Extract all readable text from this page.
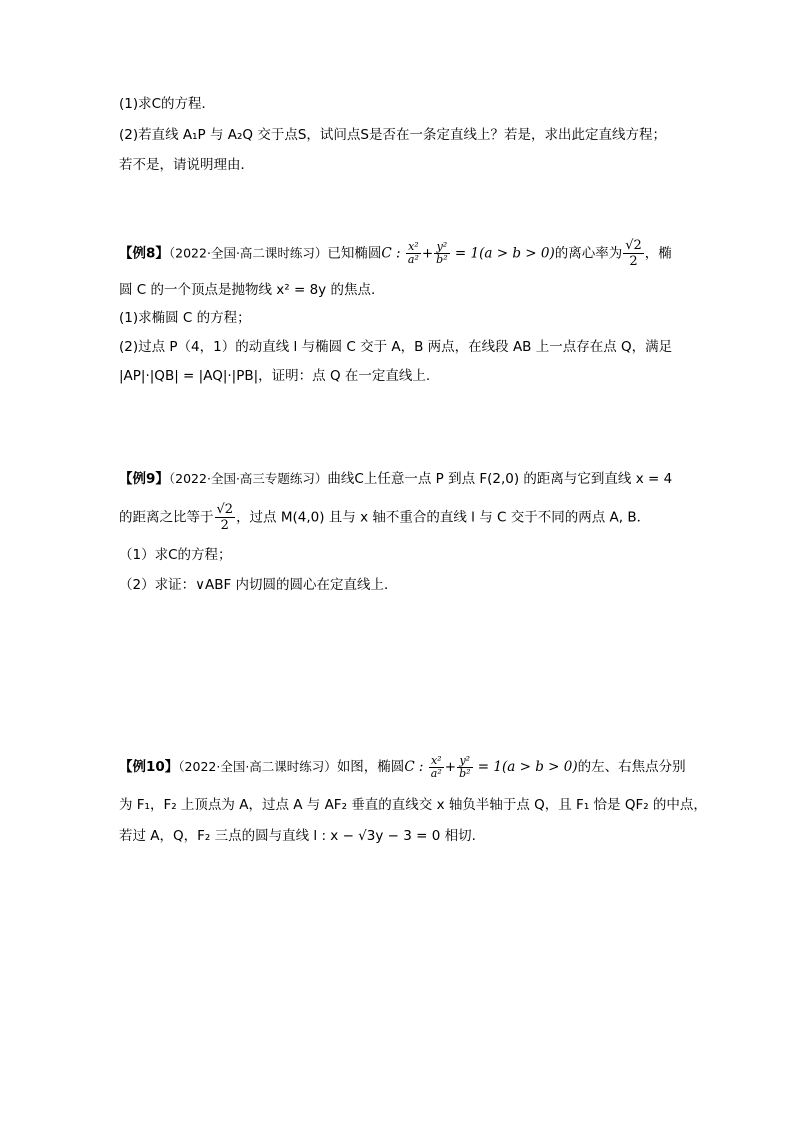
(1)求C的方程．
(2)若直线 A₁P 与 A₂Q 交于点S，试问点S是否在一条定直线上？若是，求出此定直线方程；
若不是，请说明理由．
【例8】（2022·全国·高二课时练习）已知椭圆C : $\frac{\text{x²}}{\text{a²}} + \frac{\text{y²}}{\text{b²}} = 1(a > b > 0)$的离心率为 $\frac{√2}{2}$ ，椭
圆 C 的一个顶点是抛物线 x² = 8y 的焦点.
(1)求椭圆 C 的方程；
(2)过点 P（4，1）的动直线 l 与椭圆 C 交于 A，B 两点，在线段 AB 上一点存在点 Q，满足
|AP|·|QB| = |AQ|·|PB|，证明：点 Q 在一定直线上.
【例9】（2022·全国·高三专题练习）曲线C上任意一点 P 到点 F(2,0) 的距离与它到直线 x = 4
的距离之比等于 $\frac{√2}{2}$ ，过点 M(4,0) 且与 x 轴不重合的直线 l 与 C 交于不同的两点 A, B．
（1）求C的方程；
（2）求证：∨ABF 内切圆的圆心在定直线上．
【例10】（2022·全国·高二课时练习）如图，椭圆C : $\frac{\text{x²}}{\text{a²}} + \frac{\text{y²}}{\text{b²}} = 1(a > b > 0)$的左、右焦点分别
为 F₁，F₂ 上顶点为 A，过点 A 与 AF₂ 垂直的直线交 x 轴负半轴于点 Q，且 F₁ 恰是 QF₂ 的中点，
若过 A，Q，F₂ 三点的圆与直线 l : x − √3y − 3 = 0 相切.
